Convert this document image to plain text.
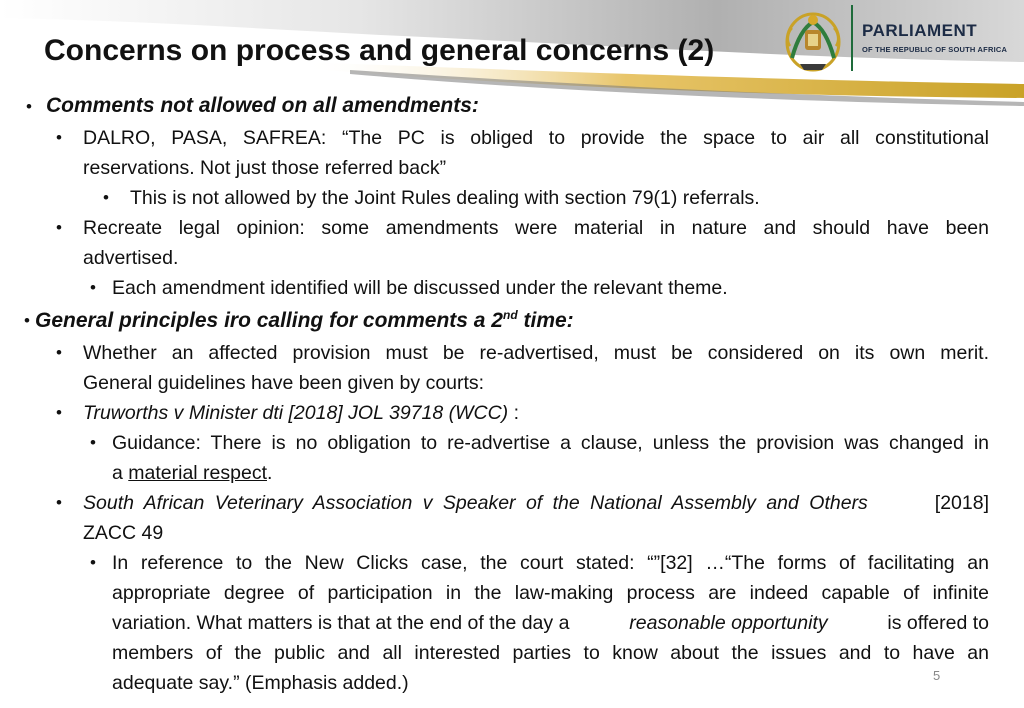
PARLIAMENT
OF THE REPUBLIC OF SOUTH AFRICA
Concerns on process and general concerns (2)
• Comments not allowed on all amendments:
• DALRO, PASA, SAFREA: “The PC is obliged to provide the space to air all constitutional
reservations. Not just those referred back”
• This is not allowed by the Joint Rules dealing with section 79(1) referrals.
• Recreate legal opinion: some amendments were material in nature and should have been
advertised.
• Each amendment identified will be discussed under the relevant theme.
• General principles iro calling for comments a 2nd time:
• Whether an affected provision must be re-advertised, must be considered on its own merit.
General guidelines have been given by courts:
• Truworths v Minister dti [2018] JOL 39718 (WCC) :
• Guidance: There is no obligation to re-advertise a clause, unless the provision was changed in
a material respect.
• South African Veterinary Association v Speaker of the National Assembly and Others	[2018]
ZACC 49
• In reference to the New Clicks case, the court stated: “”[32] …“The forms of facilitating an
appropriate degree of participation in the law-making process are indeed capable of infinite
variation. What matters is that at the end of the day a	reasonable opportunity	is offered to
members of the public and all interested parties to know about the issues and to have an
adequate say.” (Emphasis added.)	5
